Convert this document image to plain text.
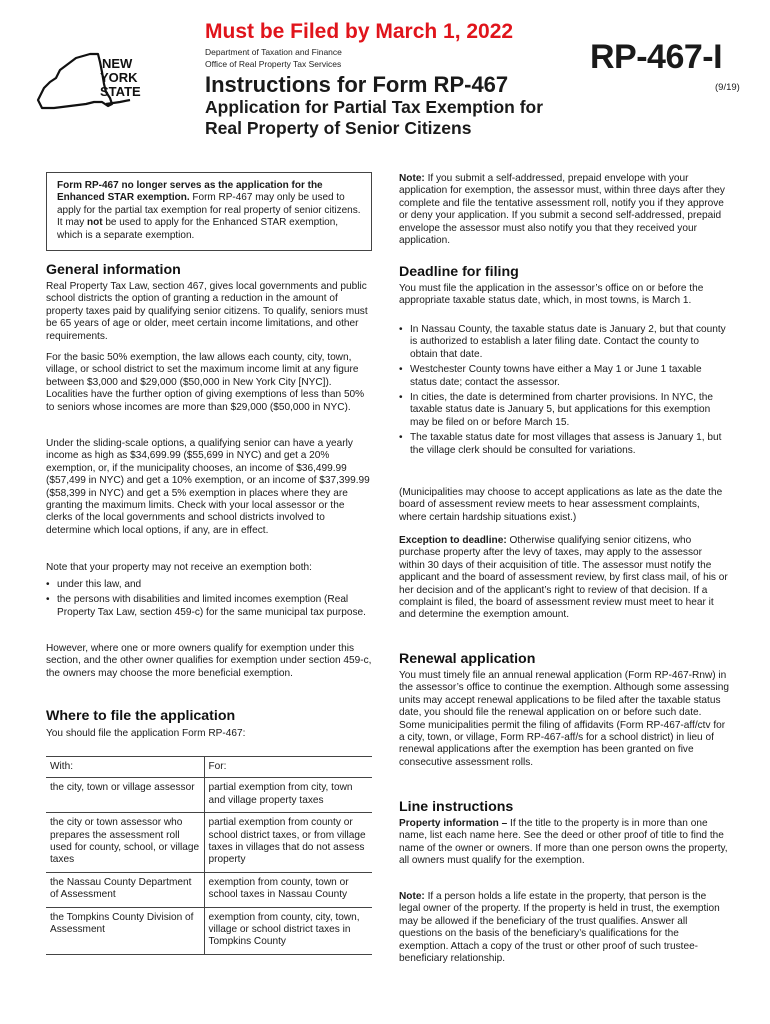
Must be Filed by March 1, 2022
NEW
YORK
STATE
Department of Taxation and Finance
Office of Real Property Tax Services	RP-467-I
(9/19)
Instructions for Form RP-467
Application for Partial Tax Exemption for
Real Property of Senior Citizens
Form RP-467 no longer serves as the application for the Enhanced STAR exemption. Form RP-467 may only be used to apply for the partial tax exemption for real property of senior citizens. It may not be used to apply for the Enhanced STAR exemption, which is a separate exemption.
General information
Real Property Tax Law, section 467, gives local governments and public school districts the option of granting a reduction in the amount of property taxes paid by qualifying senior citizens. To qualify, seniors must be 65 years of age or older, meet certain income limitations, and other requirements.
For the basic 50% exemption, the law allows each county, city, town, village, or school district to set the maximum income limit at any figure between $3,000 and $29,000 ($50,000 in New York City [NYC]). Localities have the further option of giving exemptions of less than 50% to seniors whose incomes are more than $29,000 ($50,000 in NYC).
Under the sliding-scale options, a qualifying senior can have a yearly income as high as $34,699.99 ($55,699 in NYC) and get a 20% exemption, or, if the municipality chooses, an income of $36,499.99 ($57,499 in NYC) and get a 10% exemption, or an income of $37,399.99 ($58,399 in NYC) and get a 5% exemption in places where they are granting the maximum limits. Check with your local assessor or the clerks of the local governments and school districts involved to determine which local options, if any, are in effect.
Note that your property may not receive an exemption both:
• under this law, and
• the persons with disabilities and limited incomes exemption (Real Property Tax Law, section 459-c) for the same municipal tax purpose.
However, where one or more owners qualify for exemption under this section, and the other owner qualifies for exemption under section 459-c, the owners may choose the more beneficial exemption.
Where to file the application
You should file the application Form RP-467:
With:	For:
the city, town or village assessor	partial exemption from city, town and village property taxes
the city or town assessor who prepares the assessment roll used for county, school, or village taxes	partial exemption from county or school district taxes, or from village taxes in villages that do not assess property
the Nassau County Department of Assessment	exemption from county, town or school taxes in Nassau County
the Tompkins County Division of Assessment	exemption from county, city, town, village or school district taxes in Tompkins County
Note: If you submit a self-addressed, prepaid envelope with your application for exemption, the assessor must, within three days after they complete and file the tentative assessment roll, notify you if they approve or deny your application. If you submit a second self-addressed, prepaid envelope the assessor must also notify you that they received your application.
Deadline for filing
You must file the application in the assessor’s office on or before the appropriate taxable status date, which, in most towns, is March 1.
• In Nassau County, the taxable status date is January 2, but that county is authorized to establish a later filing date. Contact the county to obtain that date.
• Westchester County towns have either a May 1 or June 1 taxable status date; contact the assessor.
• In cities, the date is determined from charter provisions. In NYC, the taxable status date is January 5, but applications for this exemption may be filed on or before March 15.
• The taxable status date for most villages that assess is January 1, but the village clerk should be consulted for variations.
(Municipalities may choose to accept applications as late as the date the board of assessment review meets to hear assessment complaints, where certain hardship situations exist.)
Exception to deadline: Otherwise qualifying senior citizens, who purchase property after the levy of taxes, may apply to the assessor within 30 days of their acquisition of title. The assessor must notify the applicant and the board of assessment review, by first class mail, of his or her decision and of the applicant’s right to review of that decision. If a complaint is filed, the board of assessment review must meet to hear it and determine the exemption amount.
Renewal application
You must timely file an annual renewal application (Form RP-467-Rnw) in the assessor’s office to continue the exemption. Although some assessing units may accept renewal applications to be filed after the taxable status date, you should file the renewal application on or before such date. Some municipalities permit the filing of affidavits (Form RP-467-aff/ctv for a city, town, or village, Form RP-467-aff/s for a school district) in lieu of renewal applications after the exemption has been granted on five consecutive assessment rolls.
Line instructions
Property information – If the title to the property is in more than one name, list each name here. See the deed or other proof of title to find the name of the owner or owners. If more than one person owns the property, all owners must qualify for the exemption.
Note: If a person holds a life estate in the property, that person is the legal owner of the property. If the property is held in trust, the exemption may be allowed if the beneficiary of the trust qualifies. Answer all questions on the basis of the beneficiary’s qualifications for the exemption. Attach a copy of the trust or other proof of such trustee-beneficiary relationship.
